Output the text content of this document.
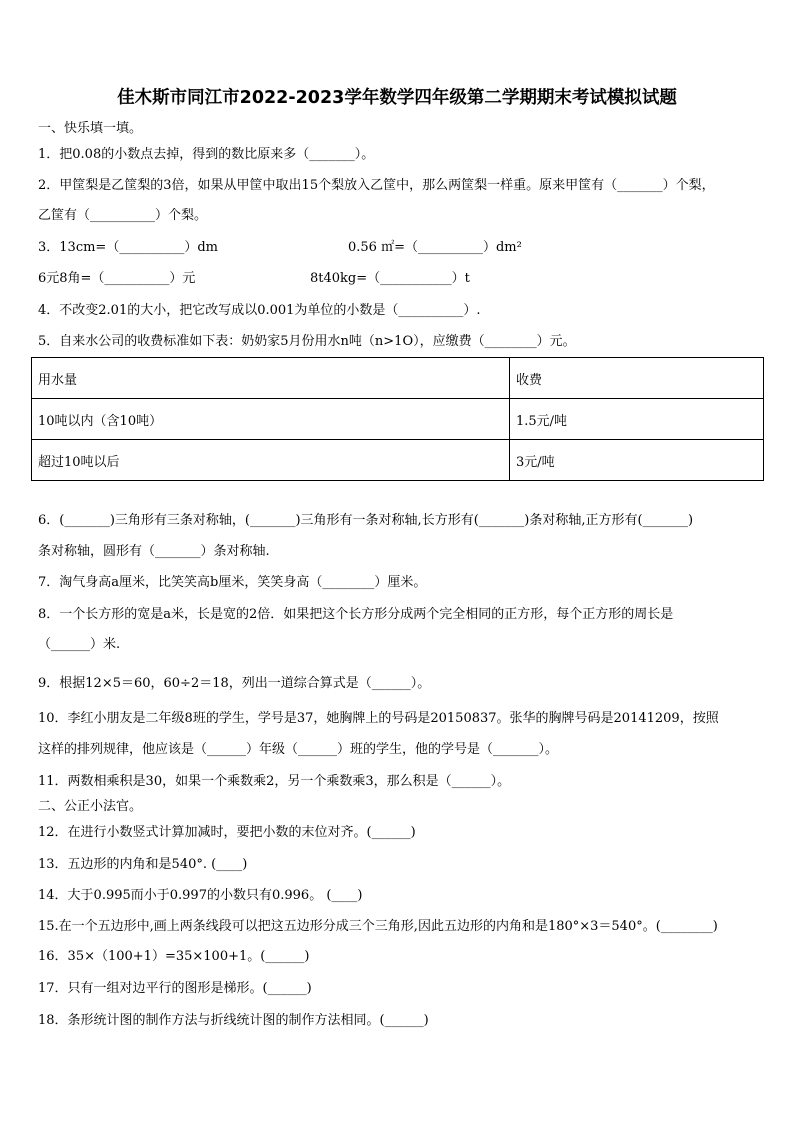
佳木斯市同江市2022-2023学年数学四年级第二学期期末考试模拟试题
一、快乐填一填。
1．把0.08的小数点去掉，得到的数比原来多（_______）。
2．甲筐梨是乙筐梨的3倍，如果从甲筐中取出15个梨放入乙筐中，那么两筐梨一样重。原来甲筐有（_______）个梨，
乙筐有（__________）个梨。
3．13cm=（__________）dm	0.56 ㎡=（__________）dm²
6元8角=（__________）元	8t40kg=（___________）t
4．不改变2.01的大小，把它改写成以0.001为单位的小数是（__________）.
5．自来水公司的收费标准如下表：奶奶家5月份用水n吨（n>1O），应缴费（________）元。
用水量	收费
10吨以内（含10吨）	1.5元/吨
超过10吨以后	3元/吨
6．(_______)三角形有三条对称轴，(_______)三角形有一条对称轴,长方形有(_______)条对称轴,正方形有(_______)
条对称轴，圆形有（_______）条对称轴.
7．淘气身高a厘米，比笑笑高b厘米，笑笑身高（________）厘米。
8．一个长方形的宽是a米，长是宽的2倍．如果把这个长方形分成两个完全相同的正方形，每个正方形的周长是
（______）米.
9．根据12×5＝60，60÷2＝18，列出一道综合算式是（______）。
10．李红小朋友是二年级8班的学生，学号是37，她胸牌上的号码是20150837。张华的胸牌号码是20141209，按照
这样的排列规律，他应该是（______）年级（______）班的学生，他的学号是（_______）。
11．两数相乘积是30，如果一个乘数乘2，另一个乘数乘3，那么积是（______）。
二、公正小法官。
12．在进行小数竖式计算加减时，要把小数的末位对齐。(______)
13．五边形的内角和是540°. (____)
14．大于0.995而小于0.997的小数只有0.996。 (____)
15.在一个五边形中,画上两条线段可以把这五边形分成三个三角形,因此五边形的内角和是180°×3＝540°。(________)
16．35×（100+1）=35×100+1。(______)
17．只有一组对边平行的图形是梯形。(______)
18．条形统计图的制作方法与折线统计图的制作方法相同。(______)
